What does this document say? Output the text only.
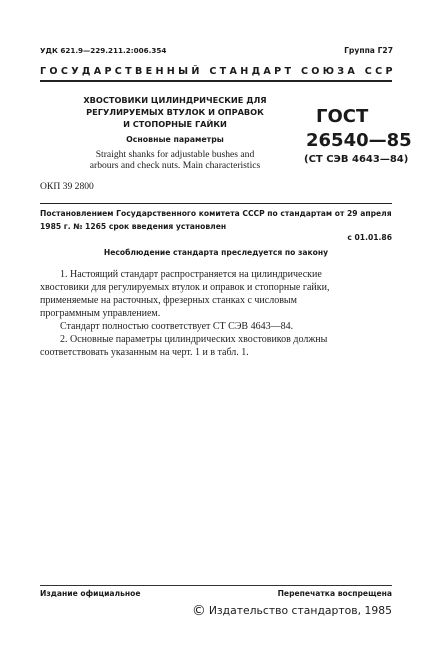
УДК 621.9—229.211.2:006.354	Группа Г27
ГОСУДАРСТВЕННЫЙ СТАНДАРТ СОЮЗА ССР
ХВОСТОВИКИ ЦИЛИНДРИЧЕСКИЕ ДЛЯ
РЕГУЛИРУЕМЫХ ВТУЛОК И ОПРАВОК
И СТОПОРНЫЕ ГАЙКИ
Основные параметры
Straight shanks for adjustable bushes and
arbours and check nuts. Main characteristics
ГОСТ
26540—85
(СТ СЭВ 4643—84)
ОКП 39 2800
Постановлением Государственного комитета СССР по стандартам от 29 апреля
1985 г. № 1265 срок введения установлен
с 01.01.86
Несоблюдение стандарта преследуется по закону

1. Настоящий стандарт распространяется на цилиндрические

хвостовики для регулируемых втулок и оправок и стопорные гайки,

применяемые на расточных, фрезерных станках с числовым

программным управлением.

Стандарт полностью соответствует СТ СЭВ 4643—84.

2. Основные параметры цилиндрических хвостовиков должны

соответствовать указанным на черт. 1 и в табл. 1.

Издание официальное	Перепечатка воспрещена
© Издательство стандартов, 1985
